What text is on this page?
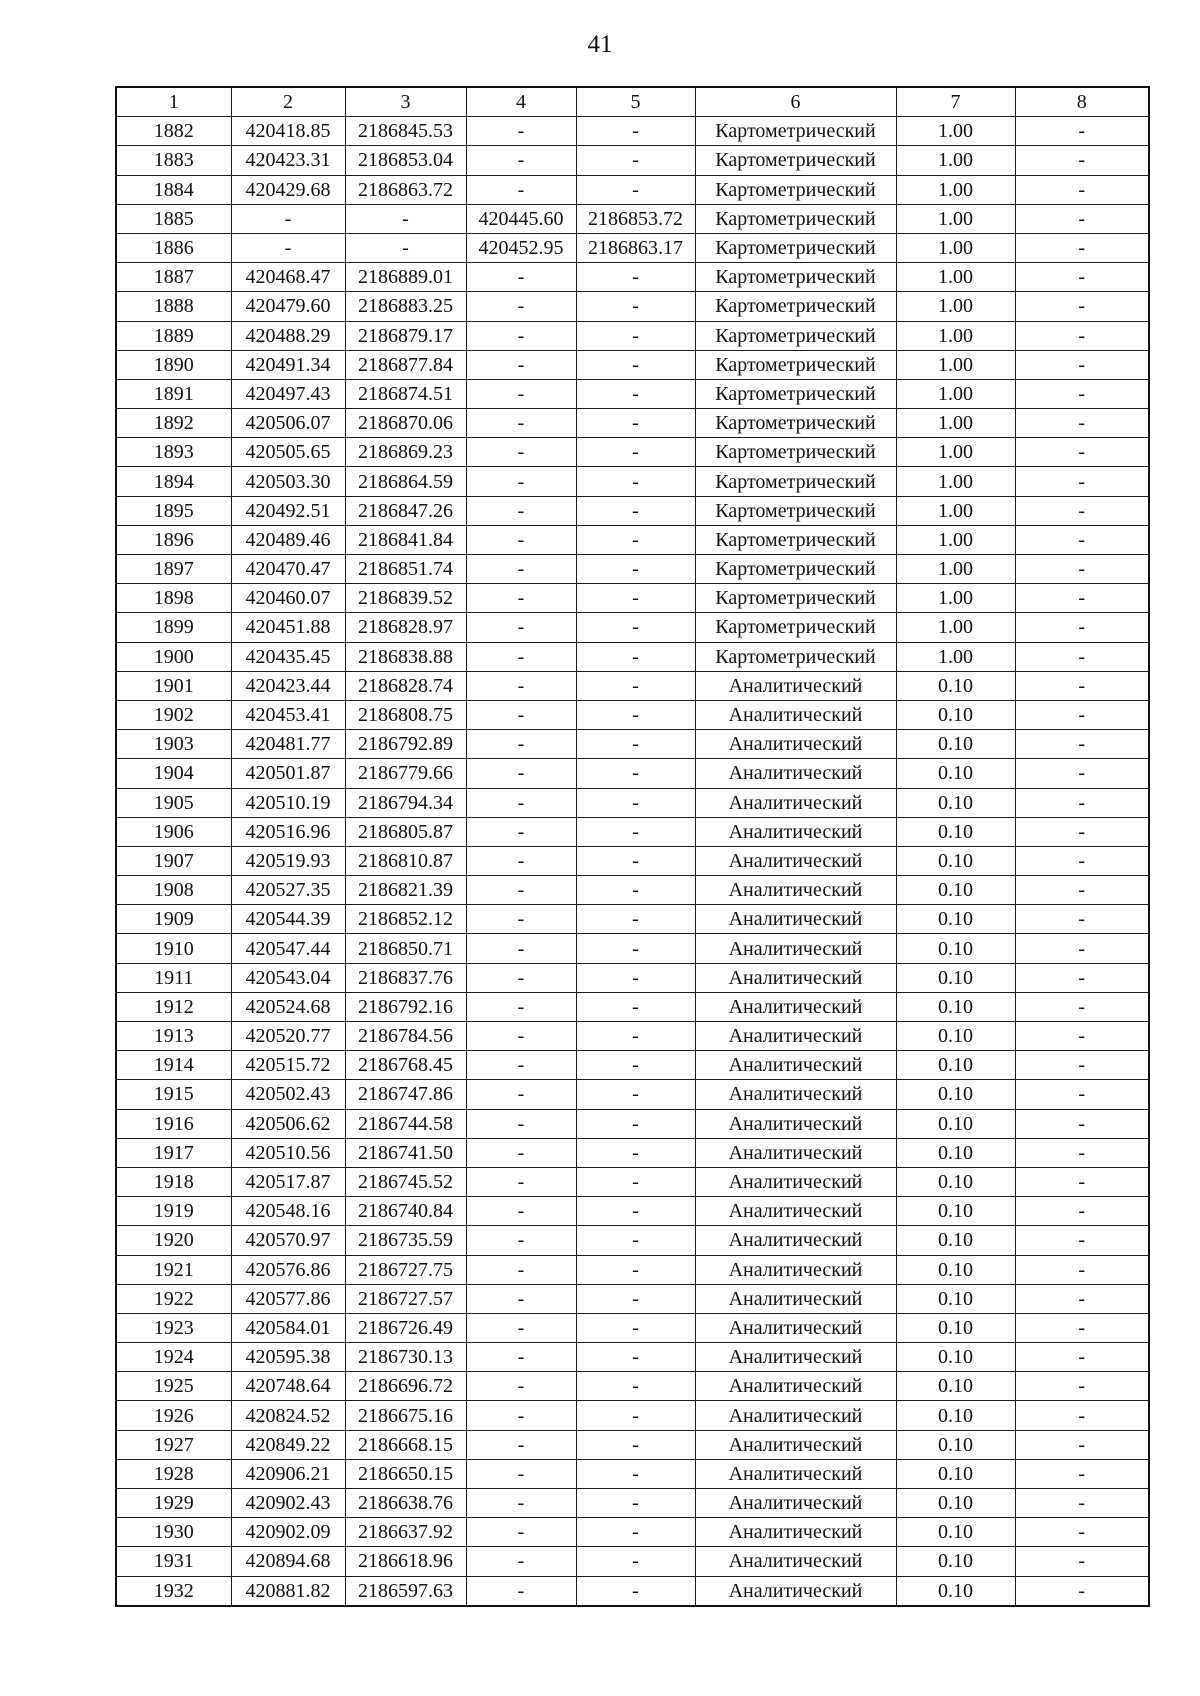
41
1	2	3	4	5	6	7	8
1882	420418.85	2186845.53	-	-	Картометрический	1.00	-
1883	420423.31	2186853.04	-	-	Картометрический	1.00	-
1884	420429.68	2186863.72	-	-	Картометрический	1.00	-
1885	-	-	420445.60	2186853.72	Картометрический	1.00	-
1886	-	-	420452.95	2186863.17	Картометрический	1.00	-
1887	420468.47	2186889.01	-	-	Картометрический	1.00	-
1888	420479.60	2186883.25	-	-	Картометрический	1.00	-
1889	420488.29	2186879.17	-	-	Картометрический	1.00	-
1890	420491.34	2186877.84	-	-	Картометрический	1.00	-
1891	420497.43	2186874.51	-	-	Картометрический	1.00	-
1892	420506.07	2186870.06	-	-	Картометрический	1.00	-
1893	420505.65	2186869.23	-	-	Картометрический	1.00	-
1894	420503.30	2186864.59	-	-	Картометрический	1.00	-
1895	420492.51	2186847.26	-	-	Картометрический	1.00	-
1896	420489.46	2186841.84	-	-	Картометрический	1.00	-
1897	420470.47	2186851.74	-	-	Картометрический	1.00	-
1898	420460.07	2186839.52	-	-	Картометрический	1.00	-
1899	420451.88	2186828.97	-	-	Картометрический	1.00	-
1900	420435.45	2186838.88	-	-	Картометрический	1.00	-
1901	420423.44	2186828.74	-	-	Аналитический	0.10	-
1902	420453.41	2186808.75	-	-	Аналитический	0.10	-
1903	420481.77	2186792.89	-	-	Аналитический	0.10	-
1904	420501.87	2186779.66	-	-	Аналитический	0.10	-
1905	420510.19	2186794.34	-	-	Аналитический	0.10	-
1906	420516.96	2186805.87	-	-	Аналитический	0.10	-
1907	420519.93	2186810.87	-	-	Аналитический	0.10	-
1908	420527.35	2186821.39	-	-	Аналитический	0.10	-
1909	420544.39	2186852.12	-	-	Аналитический	0.10	-
1910	420547.44	2186850.71	-	-	Аналитический	0.10	-
1911	420543.04	2186837.76	-	-	Аналитический	0.10	-
1912	420524.68	2186792.16	-	-	Аналитический	0.10	-
1913	420520.77	2186784.56	-	-	Аналитический	0.10	-
1914	420515.72	2186768.45	-	-	Аналитический	0.10	-
1915	420502.43	2186747.86	-	-	Аналитический	0.10	-
1916	420506.62	2186744.58	-	-	Аналитический	0.10	-
1917	420510.56	2186741.50	-	-	Аналитический	0.10	-
1918	420517.87	2186745.52	-	-	Аналитический	0.10	-
1919	420548.16	2186740.84	-	-	Аналитический	0.10	-
1920	420570.97	2186735.59	-	-	Аналитический	0.10	-
1921	420576.86	2186727.75	-	-	Аналитический	0.10	-
1922	420577.86	2186727.57	-	-	Аналитический	0.10	-
1923	420584.01	2186726.49	-	-	Аналитический	0.10	-
1924	420595.38	2186730.13	-	-	Аналитический	0.10	-
1925	420748.64	2186696.72	-	-	Аналитический	0.10	-
1926	420824.52	2186675.16	-	-	Аналитический	0.10	-
1927	420849.22	2186668.15	-	-	Аналитический	0.10	-
1928	420906.21	2186650.15	-	-	Аналитический	0.10	-
1929	420902.43	2186638.76	-	-	Аналитический	0.10	-
1930	420902.09	2186637.92	-	-	Аналитический	0.10	-
1931	420894.68	2186618.96	-	-	Аналитический	0.10	-
1932	420881.82	2186597.63	-	-	Аналитический	0.10	-
